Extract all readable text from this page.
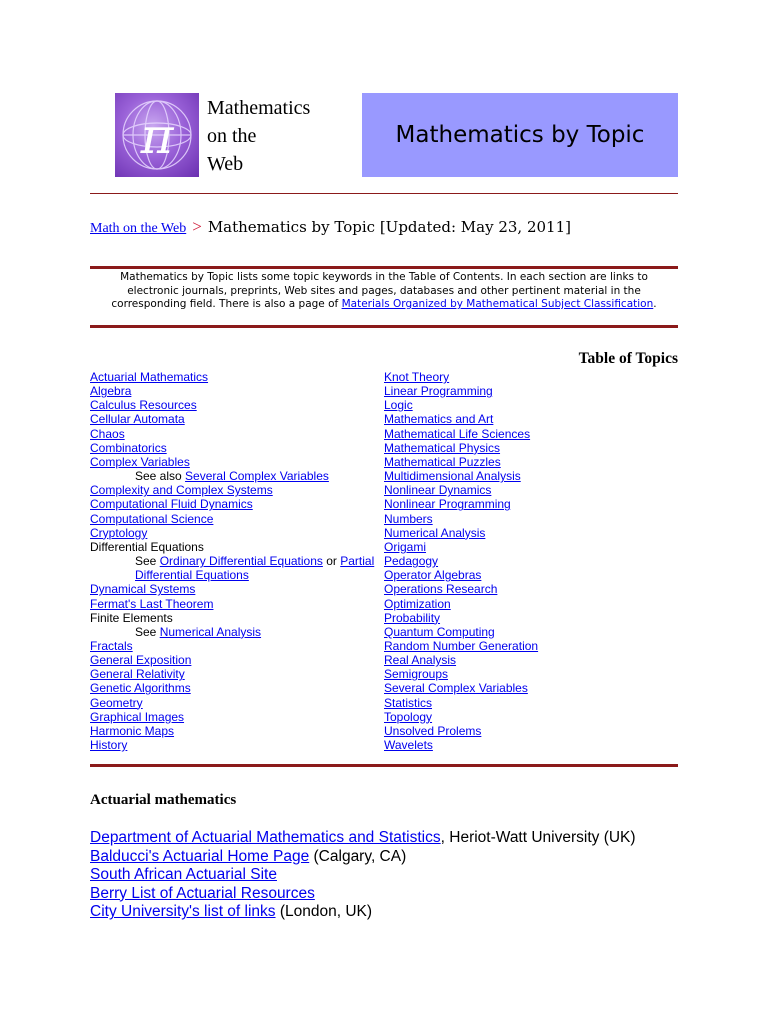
π Mathematics
on the
Web
Mathematics by Topic
Math on the Web > Mathematics by Topic [Updated: May 23, 2011]
Mathematics by Topic lists some topic keywords in the Table of Contents. In each section are links to electronic journals, preprints, Web sites and pages, databases and other pertinent material in the corresponding field. There is also a page of Materials Organized by Mathematical Subject Classification.
Table of Topics
Actuarial Mathematics
Algebra
Calculus Resources
Cellular Automata
Chaos
Combinatorics
Complex Variables
See also Several Complex Variables
Complexity and Complex Systems
Computational Fluid Dynamics
Computational Science
Cryptology
Differential Equations
See Ordinary Differential Equations or Partial
Differential Equations
Dynamical Systems
Fermat's Last Theorem
Finite Elements
See Numerical Analysis
Fractals
General Exposition
General Relativity
Genetic Algorithms
Geometry
Graphical Images
Harmonic Maps
History
Knot Theory
Linear Programming
Logic
Mathematics and Art
Mathematical Life Sciences
Mathematical Physics
Mathematical Puzzles
Multidimensional Analysis
Nonlinear Dynamics
Nonlinear Programming
Numbers
Numerical Analysis
Origami
Pedagogy
Operator Algebras
Operations Research
Optimization
Probability
Quantum Computing
Random Number Generation
Real Analysis
Semigroups
Several Complex Variables
Statistics
Topology
Unsolved Prolems
Wavelets
Actuarial mathematics
Department of Actuarial Mathematics and Statistics, Heriot-Watt University (UK)
Balducci's Actuarial Home Page (Calgary, CA)
South African Actuarial Site
Berry List of Actuarial Resources
City University's list of links (London, UK)
